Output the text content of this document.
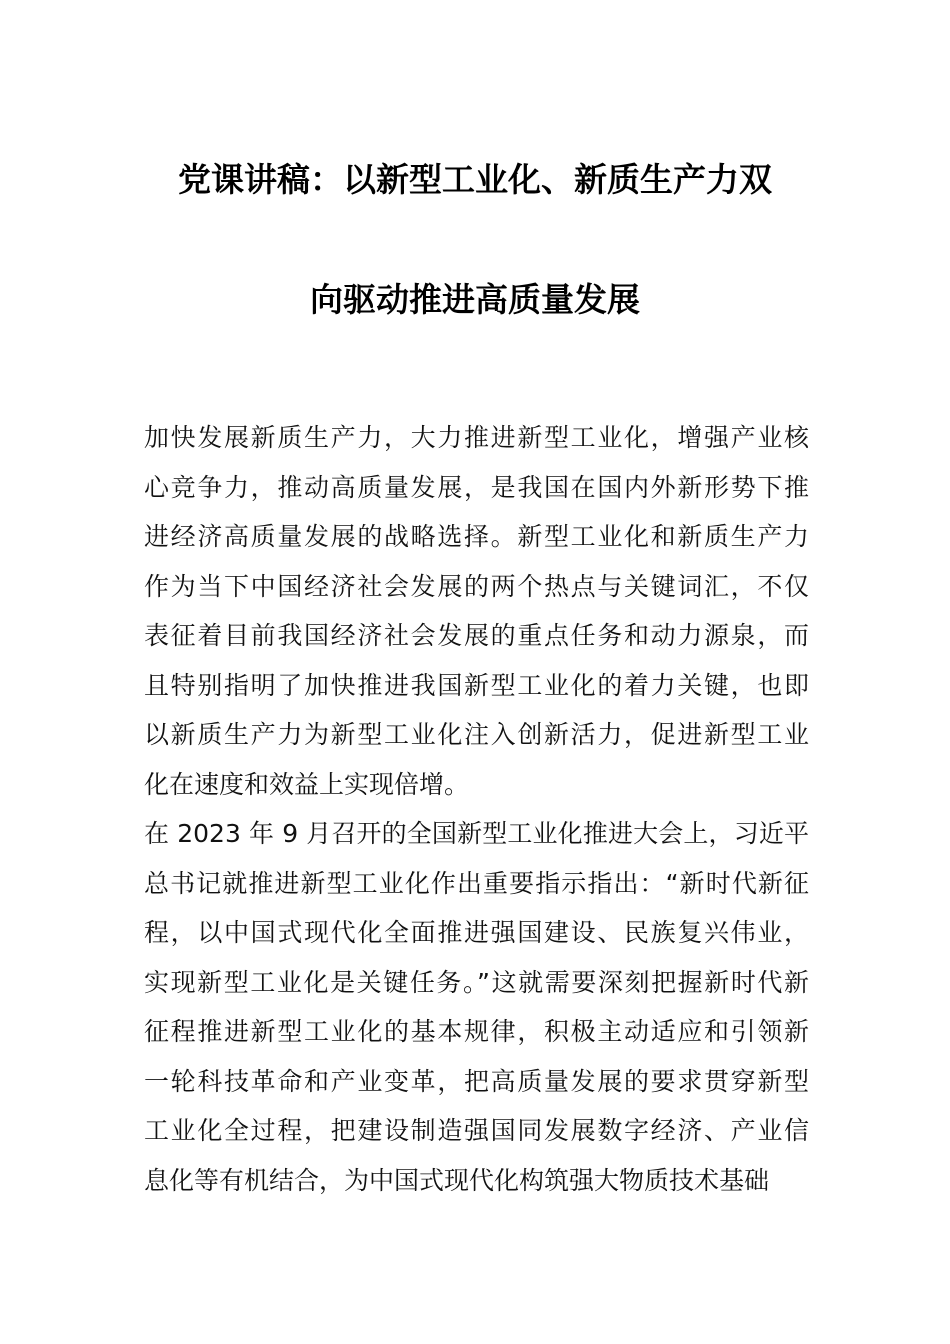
党课讲稿：以新型工业化、新质生产力双
向驱动推进高质量发展
加快发展新质生产力，大力推进新型工业化，增强产业核
心竞争力，推动高质量发展，是我国在国内外新形势下推
进经济高质量发展的战略选择。新型工业化和新质生产力
作为当下中国经济社会发展的两个热点与关键词汇，不仅
表征着目前我国经济社会发展的重点任务和动力源泉，而
且特别指明了加快推进我国新型工业化的着力关键，也即
以新质生产力为新型工业化注入创新活力，促进新型工业
化在速度和效益上实现倍增。
在 2023 年 9 月召开的全国新型工业化推进大会上，习近平
总书记就推进新型工业化作出重要指示指出：“新时代新征
程，以中国式现代化全面推进强国建设、民族复兴伟业，
实现新型工业化是关键任务。”这就需要深刻把握新时代新
征程推进新型工业化的基本规律，积极主动适应和引领新
一轮科技革命和产业变革，把高质量发展的要求贯穿新型
工业化全过程，把建设制造强国同发展数字经济、产业信
息化等有机结合，为中国式现代化构筑强大物质技术基础
